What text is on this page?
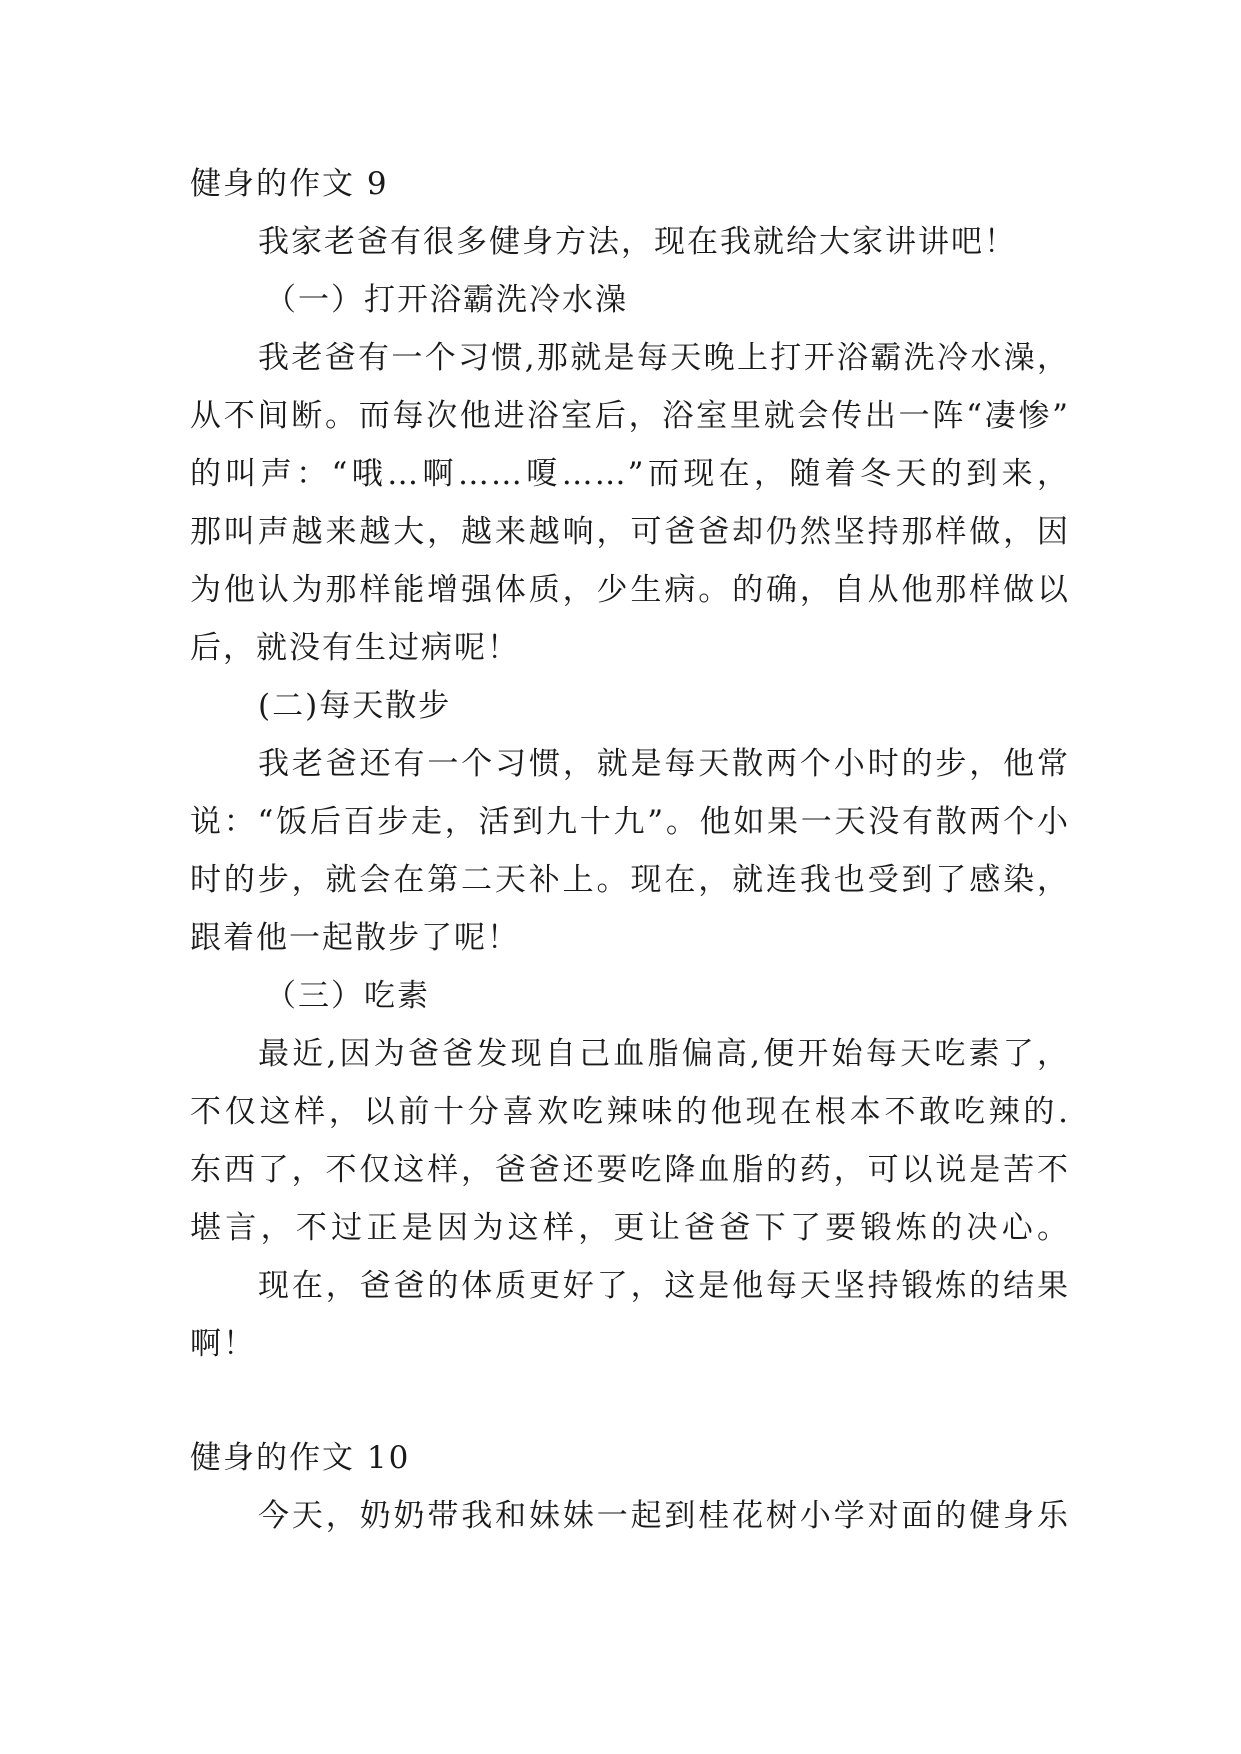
健身的作文 9
我家老爸有很多健身方法，现在我就给大家讲讲吧！
（一）打开浴霸洗冷水澡
我老爸有一个习惯,那就是每天晚上打开浴霸洗冷水澡，
从不间断。而每次他进浴室后，浴室里就会传出一阵“凄惨”
的叫声：“哦…啊……嗄……”而现在，随着冬天的到来，
那叫声越来越大，越来越响，可爸爸却仍然坚持那样做，因
为他认为那样能增强体质，少生病。的确，自从他那样做以
后，就没有生过病呢！
(二)每天散步
我老爸还有一个习惯，就是每天散两个小时的步，他常
说：“饭后百步走，活到九十九”。他如果一天没有散两个小
时的步，就会在第二天补上。现在，就连我也受到了感染，
跟着他一起散步了呢！
（三）吃素
最近,因为爸爸发现自己血脂偏高,便开始每天吃素了，
不仅这样，以前十分喜欢吃辣味的他现在根本不敢吃辣的.
东西了，不仅这样，爸爸还要吃降血脂的药，可以说是苦不
堪言，不过正是因为这样，更让爸爸下了要锻炼的决心。
现在，爸爸的体质更好了，这是他每天坚持锻炼的结果
啊！
健身的作文 10
今天，奶奶带我和妹妹一起到桂花树小学对面的健身乐
